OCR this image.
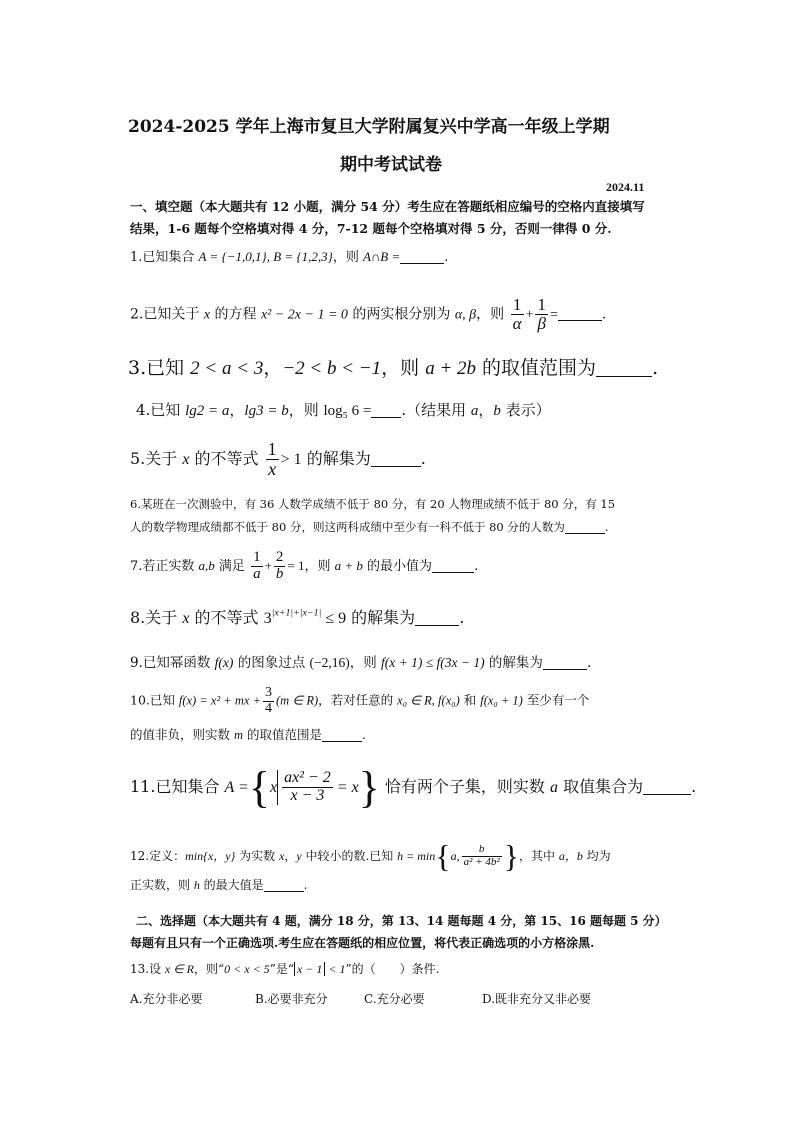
2024-2025 学年上海市复旦大学附属复兴中学高一年级上学期
期中考试试卷
2024.11
一、填空题（本大题共有 12 小题，满分 54 分）考生应在答题纸相应编号的空格内直接填写
结果，1-6 题每个空格填对得 4 分，7-12 题每个空格填对得 5 分，否则一律得 0 分.
1.已知集合 A = {−1,0,1}, B = {1,2,3}，则 A∩B =	.
2.已知关于 x 的方程 x² − 2x − 1 = 0 的两实根分别为 α, β，则 $\frac{1}{\alpha} + \frac{1}{\beta}$ =	.
3.已知 2 < a < 3，−2 < b < −1，则 a + 2b 的取值范围为	.
4.已知 lg2 = a，lg3 = b，则 log₅ 6 = .（结果用 a，b 表示）
5.关于 x 的不等式 $\frac{1}{x} > 1$ 的解集为	.
6.某班在一次测验中，有 36 人数学成绩不低于 80 分，有 20 人物理成绩不低于 80 分，有 15
人的数学物理成绩都不低于 80 分，则这两科成绩中至少有一科不低于 80 分的人数为	.
7.若正实数 a,b 满足 $\frac{1}{a} + \frac{2}{b} = 1$，则 a + b 的最小值为	.
8.关于 x 的不等式 $3^{|x+1|+|x-1|} \le 9$ 的解集为	.
9.已知幂函数 f(x) 的图象过点 (−2,16)，则 f(x + 1) ≤ f(3x − 1) 的解集为	.
10.已知 f(x) = x² + mx + $\frac{3}{4} (m$ ∈ R)，若对任意的 x₀ ∈ R, f(x₀) 和 f(x₀ + 1) 至少有一个
的值非负，则实数 m 的取值范围是	.
11.已知集合 $A =\{x \frac{\text{ax² − 2}}{x - 3} = x\}$ 恰有两个子集，则实数 a 取值集合为	.
12.定义：min{x，y} 为实数 x，y 中较小的数.已知 h = min{a, $\frac{b}{\text{a² + 4b²}}$ }，其中 a，b 均为
正实数，则 h 的最大值是	.
二、选择题（本大题共有 4 题，满分 18 分，第 13、14 题每题 4 分，第 15、16 题每题 5 分）
每题有且只有一个正确选项.考生应在答题纸的相应位置，将代表正确选项的小方格涂黑.
13.设 x ∈ R，则“0 < x < 5”是“ x − 1 < 1”的（　　）条件.
A.充分非必要	B.必要非充分	C.充分必要	D.既非充分又非必要
